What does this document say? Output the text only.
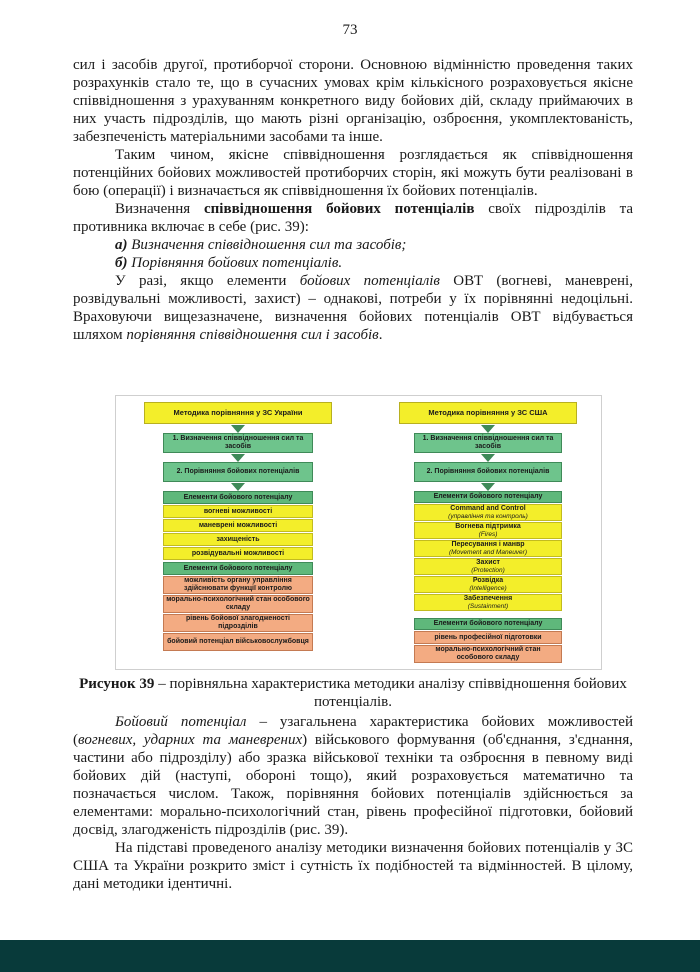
73

сил і засобів другої, протиборчої сторони. Основною відмінністю проведення таких розрахунків стало те, що в сучасних умовах крім кількісного розраховується якісне співвідношення з урахуванням конкретного виду бойових дій, складу приймаючих в них участь підрозділів, що мають різні організацію, озброєння, укомплектованість, забезпеченість матеріальними засобами та інше.

Таким чином, якісне співвідношення розглядається як співвідношення потенційних бойових можливостей протиборчих сторін, які можуть бути реалізовані в бою (операції) і визначається як співвідношення їх бойових потенціалів.

Визначення співвідношення бойових потенціалів своїх підрозділів та противника включає в себе (рис. 39):

а) Визначення співвідношення сил та засобів;

б) Порівняння бойових потенціалів.

У разі, якщо елементи бойових потенціалів ОВТ (вогневі, маневрені, розвідувальні можливості, захист) – однакові, потреби у їх порівнянні недоцільні. Враховуючи вищезазначене, визначення бойових потенціалів ОВТ відбувається шляхом порівняння співвідношення сил і засобів.

Методика порівняння у ЗС України
1. Визначення співвідношення сил та засобів
2. Порівняння бойових потенціалів
Елементи бойового потенціалу
вогневі можливості
маневрені можливості
захищеність
розвідувальні можливості
Елементи бойового потенціалу
можливість органу управління здійснювати функції контролю
морально-психологічний стан особового складу
рівень бойової злагодженості підрозділів
бойовий потенціал військовослужбовця
Методика порівняння у ЗС США
1. Визначення співвідношення сил та засобів
2. Порівняння бойових потенціалів
Елементи бойового потенціалу
Command and Control
(управління та контроль)
Вогнева підтримка
(Fires)
Пересування і манвр
(Movement and Maneuver)
Захист
(Protection)
Розвідка
(Intelligence)
Забезпечення
(Sustainment)
Елементи бойового потенціалу
рівень професійної підготовки
морально-психологічний стан особового складу
Рисунок 39 – порівняльна характеристика методики аналізу співвідношення бойових потенціалів.

Бойовий потенціал – узагальнена характеристика бойових можливостей (вогневих, ударних та маневрених) військового формування (об'єднання, з'єднання, частини або підрозділу) або зразка військової техніки та озброєння в певному виді бойових дій (наступі, обороні тощо), який розраховується математично та позначається числом. Також, порівняння бойових потенціалів здійснюється за елементами: морально-психологічний стан, рівень професійної підготовки, бойовий досвід, злагодженість підрозділів (рис. 39).

На підставі проведеного аналізу методики визначення бойових потенціалів у ЗС США та України розкрито зміст і сутність їх подібностей та відмінностей. В цілому, дані методики ідентичні.
